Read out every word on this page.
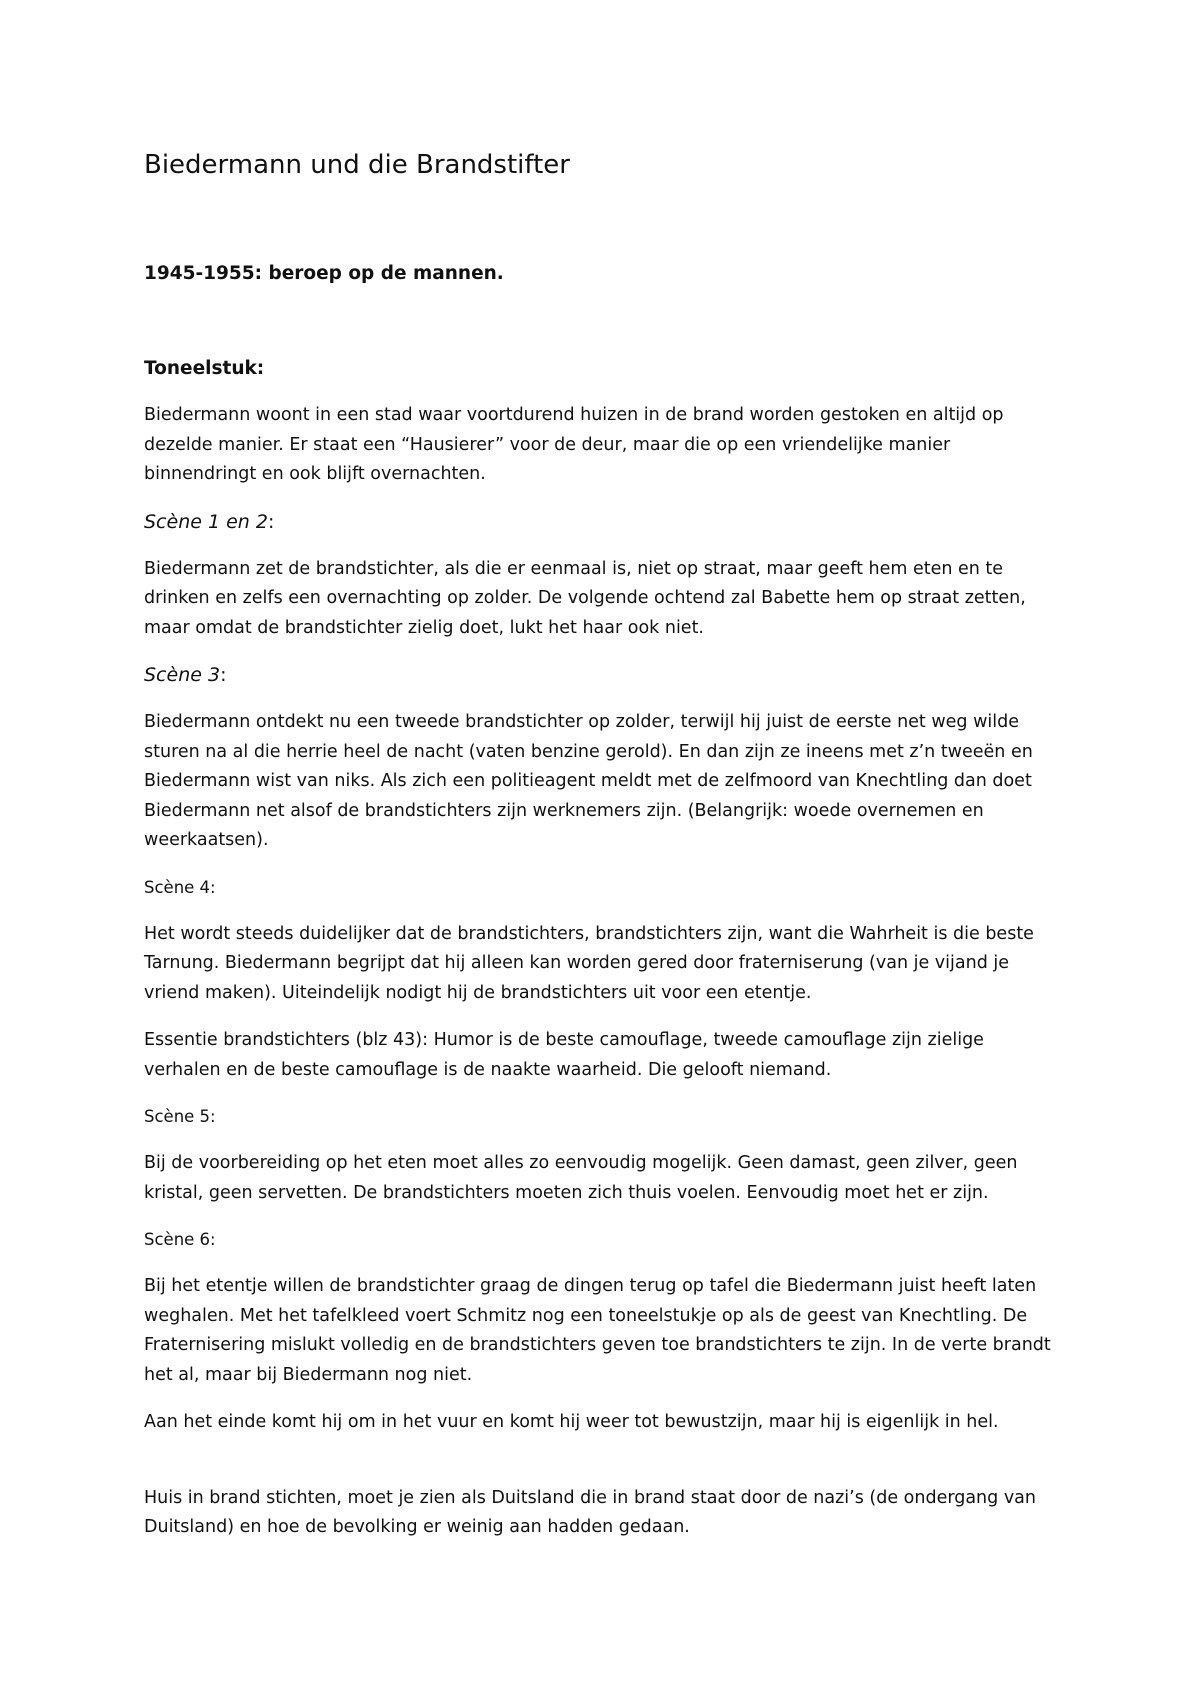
Biedermann und die Brandstifter
1945-1955: beroep op de mannen.
Toneelstuk:

Biedermann woont in een stad waar voortdurend huizen in de brand worden gestoken en altijd op dezelde manier. Er staat een “Hausierer” voor de deur, maar die op een vriendelijke manier binnendringt en ook blijft overnachten.

Scène 1 en 2:

Biedermann zet de brandstichter, als die er eenmaal is, niet op straat, maar geeft hem eten en te drinken en zelfs een overnachting op zolder. De volgende ochtend zal Babette hem op straat zetten, maar omdat de brandstichter zielig doet, lukt het haar ook niet.

Scène 3:

Biedermann ontdekt nu een tweede brandstichter op zolder, terwijl hij juist de eerste net weg wilde sturen na al die herrie heel de nacht (vaten benzine gerold). En dan zijn ze ineens met z’n tweeën en Biedermann wist van niks. Als zich een politieagent meldt met de zelfmoord van Knechtling dan doet Biedermann net alsof de brandstichters zijn werknemers zijn. (Belangrijk: woede overnemen en weerkaatsen).

Scène 4:

Het wordt steeds duidelijker dat de brandstichters, brandstichters zijn, want die Wahrheit is die beste Tarnung. Biedermann begrijpt dat hij alleen kan worden gered door fraterniserung (van je vijand je vriend maken). Uiteindelijk nodigt hij de brandstichters uit voor een etentje.

Essentie brandstichters (blz 43): Humor is de beste camouflage, tweede camouflage zijn zielige verhalen en de beste camouflage is de naakte waarheid. Die gelooft niemand.

Scène 5:

Bij de voorbereiding op het eten moet alles zo eenvoudig mogelijk. Geen damast, geen zilver, geen kristal, geen servetten. De brandstichters moeten zich thuis voelen. Eenvoudig moet het er zijn.

Scène 6:

Bij het etentje willen de brandstichter graag de dingen terug op tafel die Biedermann juist heeft laten weghalen. Met het tafelkleed voert Schmitz nog een toneelstukje op als de geest van Knechtling. De Fraternisering mislukt volledig en de brandstichters geven toe brandstichters te zijn. In de verte brandt het al, maar bij Biedermann nog niet.

Aan het einde komt hij om in het vuur en komt hij weer tot bewustzijn, maar hij is eigenlijk in hel.

Huis in brand stichten, moet je zien als Duitsland die in brand staat door de nazi’s (de ondergang van Duitsland) en hoe de bevolking er weinig aan hadden gedaan.
